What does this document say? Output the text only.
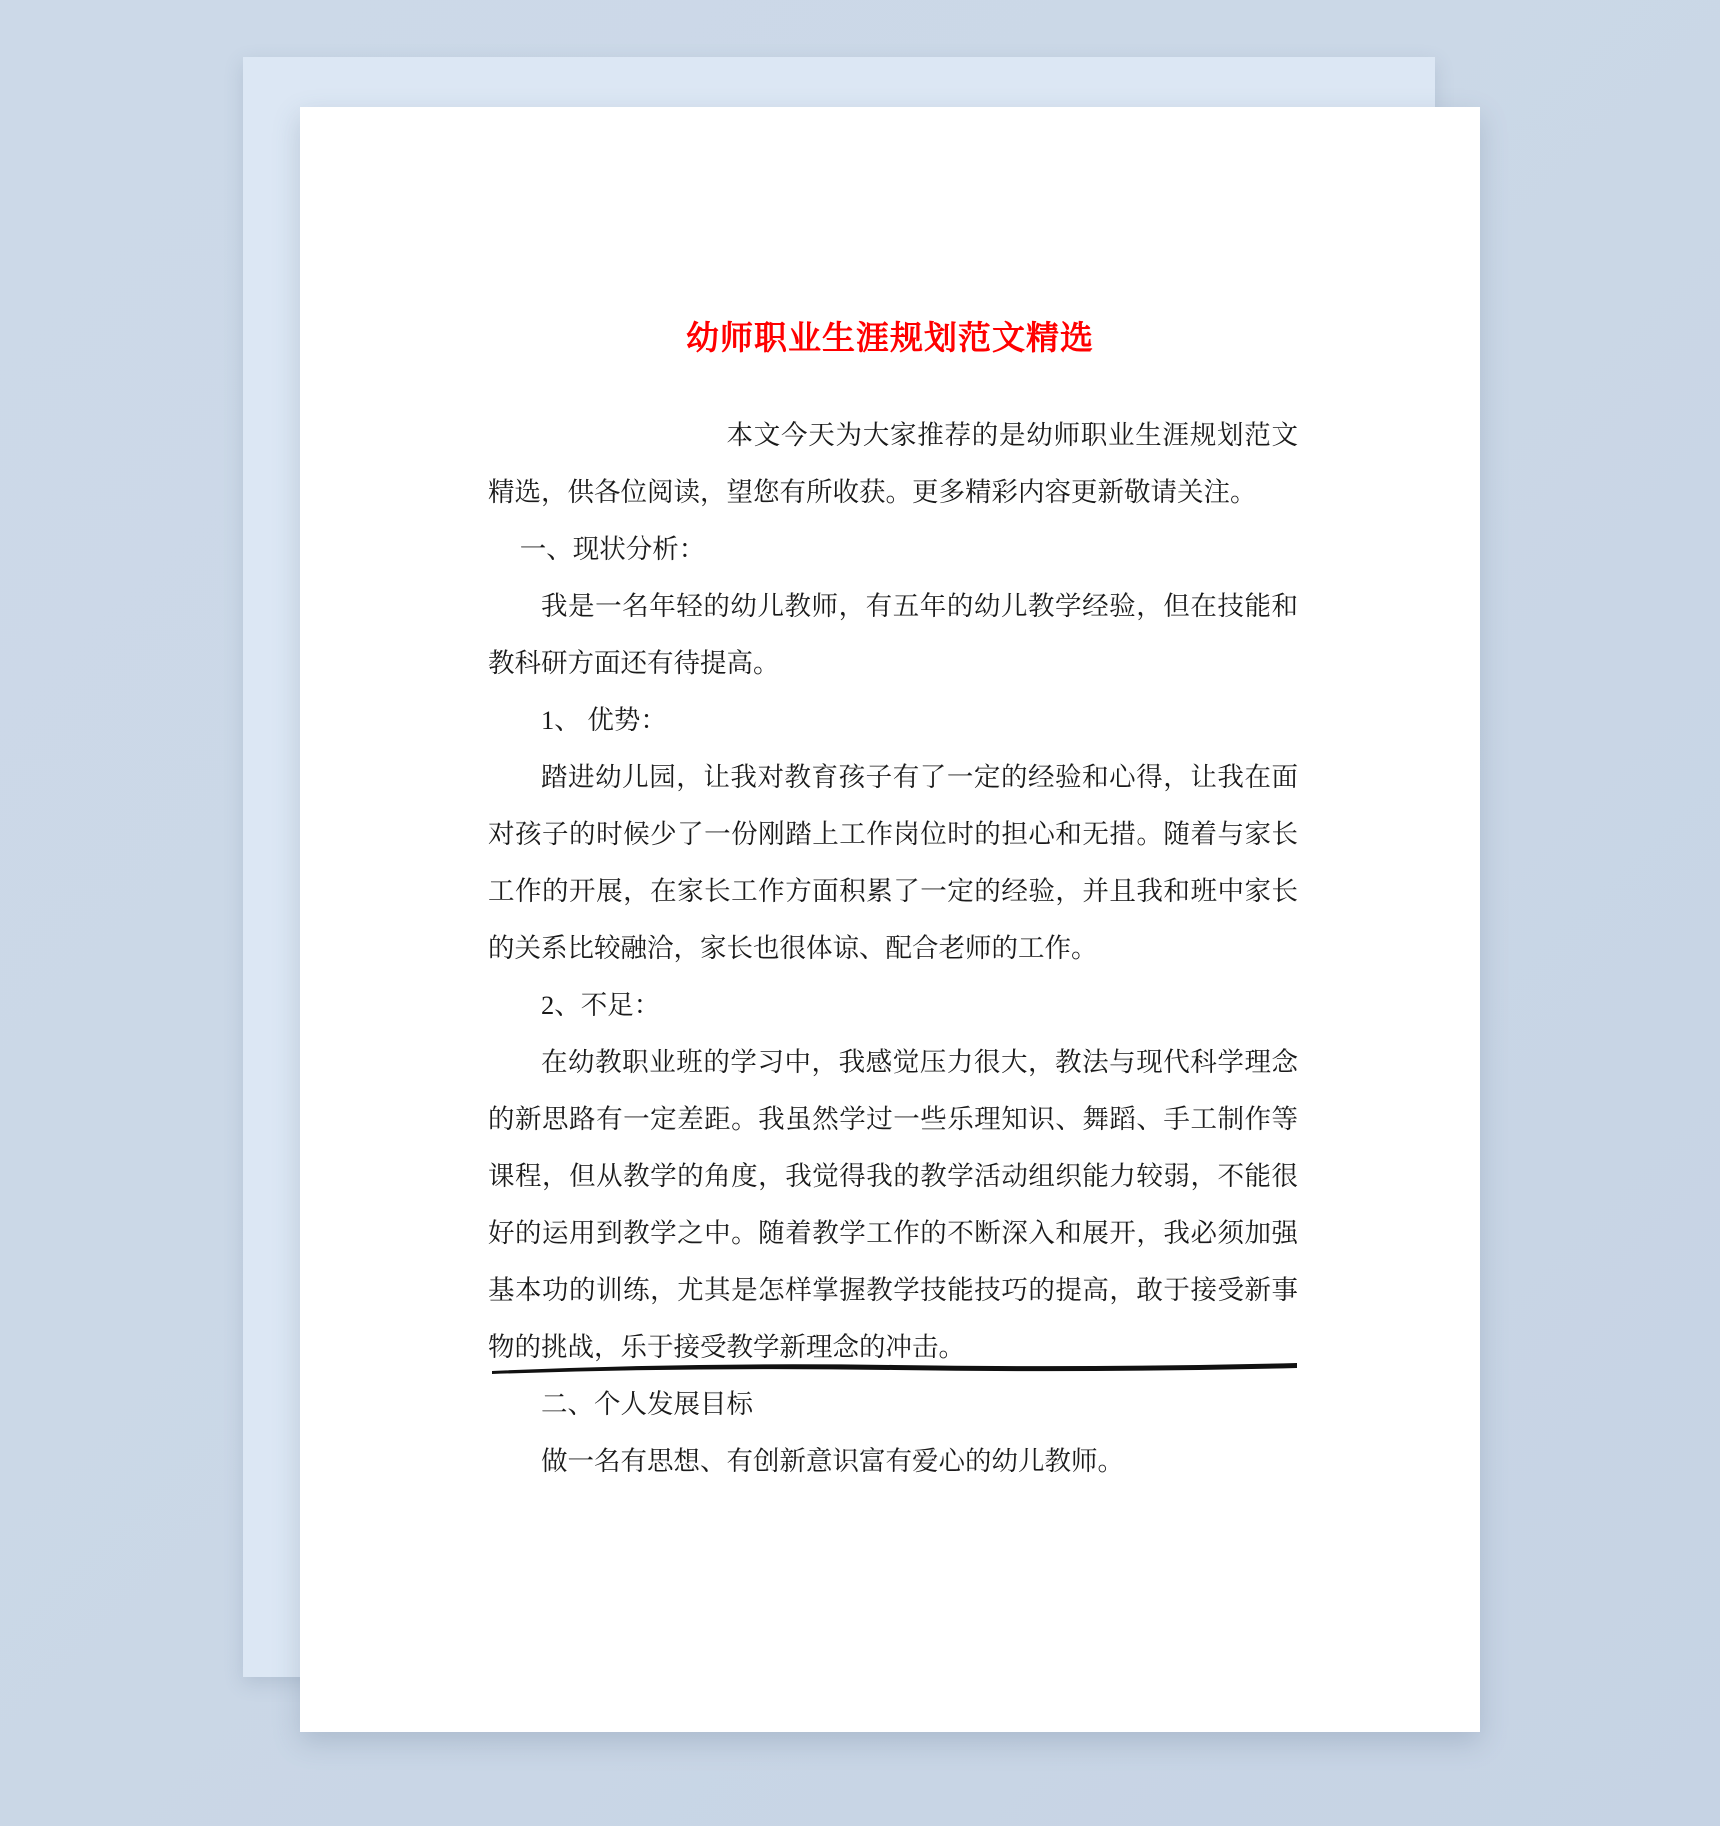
幼师职业生涯规划范文精选

本文今天为大家推荐的是幼师职业生涯规划范文精选，供各位阅读，望您有所收获。更多精彩内容更新敬请关注。

一、现状分析：

我是一名年轻的幼儿教师，有五年的幼儿教学经验，但在技能和教科研方面还有待提高。

1、 优势：

踏进幼儿园，让我对教育孩子有了一定的经验和心得，让我在面对孩子的时候少了一份刚踏上工作岗位时的担心和无措。随着与家长工作的开展，在家长工作方面积累了一定的经验，并且我和班中家长的关系比较融洽，家长也很体谅、配合老师的工作。

2、不足：

在幼教职业班的学习中，我感觉压力很大，教法与现代科学理念的新思路有一定差距。我虽然学过一些乐理知识、舞蹈、手工制作等课程，但从教学的角度，我觉得我的教学活动组织能力较弱，不能很好的运用到教学之中。随着教学工作的不断深入和展开，我必须加强基本功的训练，尤其是怎样掌握教学技能技巧的提高，敢于接受新事物的挑战，乐于接受教学新理念的冲击。

二、个人发展目标

做一名有思想、有创新意识富有爱心的幼儿教师。
